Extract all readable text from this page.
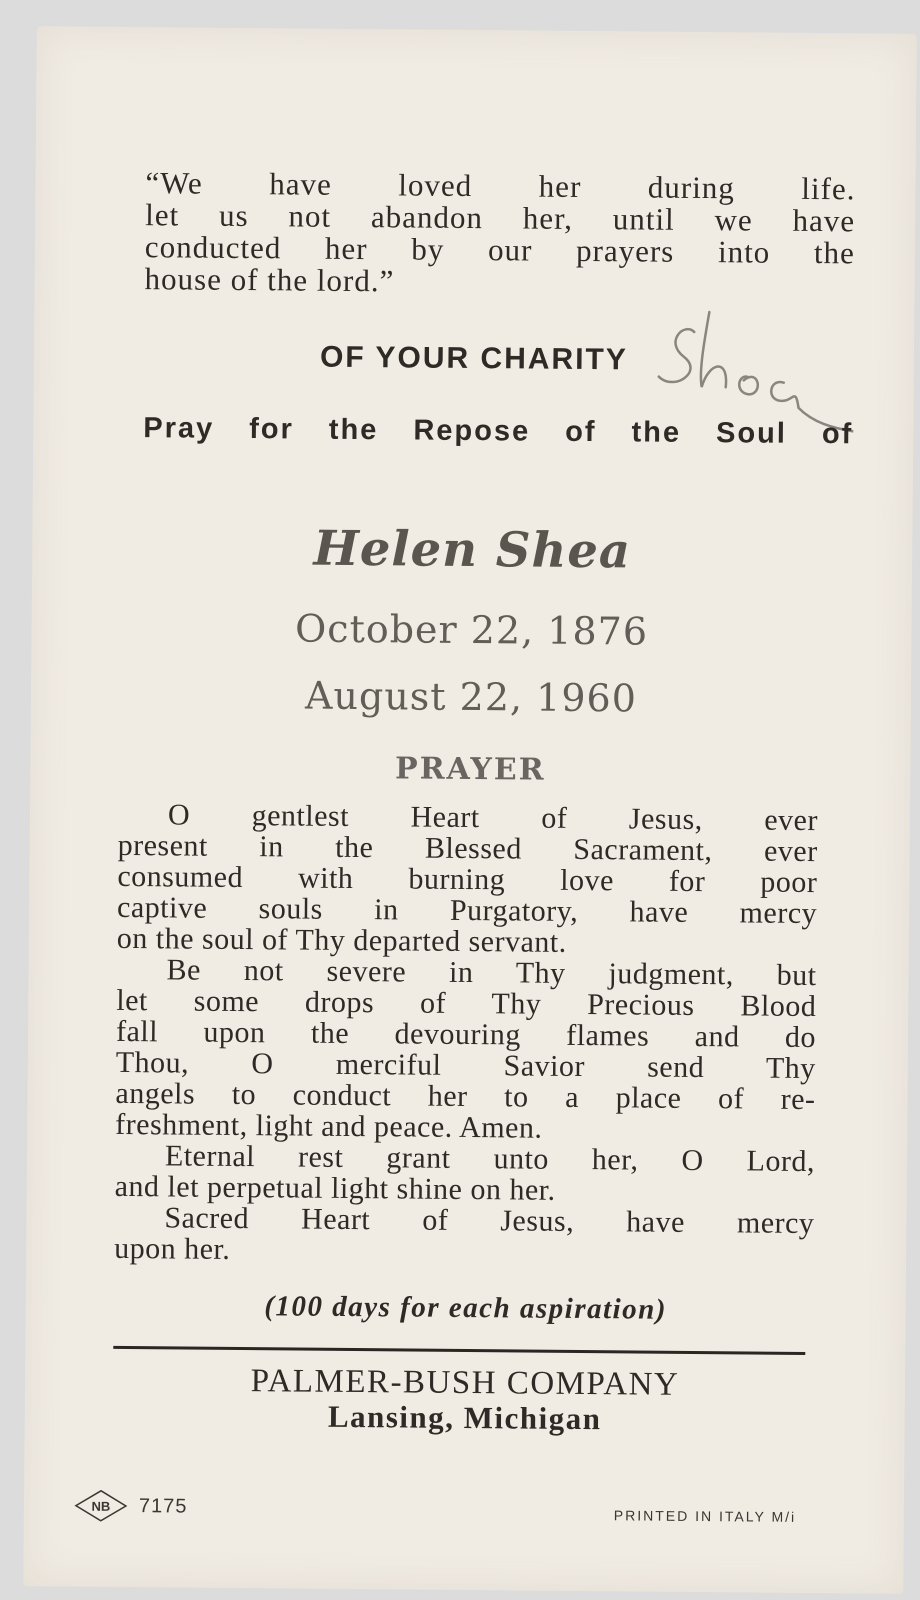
“We have loved her during life.
let us not abandon her, until we have
conducted her by our prayers into the
house of the lord.”
OF YOUR CHARITY
Pray for the Repose of the Soul of
Helen Shea
October 22, 1876
August 22, 1960
PRAYER
O gentlest Heart of Jesus, ever
present in the Blessed Sacrament, ever
consumed with burning love for poor
captive souls in Purgatory, have mercy
on the soul of Thy departed servant.
Be not severe in Thy judgment, but
let some drops of Thy Precious Blood
fall upon the devouring flames and do
Thou, O merciful Savior send Thy
angels to conduct her to a place of re-
freshment, light and peace. Amen.
Eternal rest grant unto her, O Lord,
and let perpetual light shine on her.
Sacred Heart of Jesus, have mercy
upon her.
(100 days for each aspiration)
PALMER-BUSH COMPANY
Lansing, Michigan
NB 7175	PRINTED IN ITALY M/i
